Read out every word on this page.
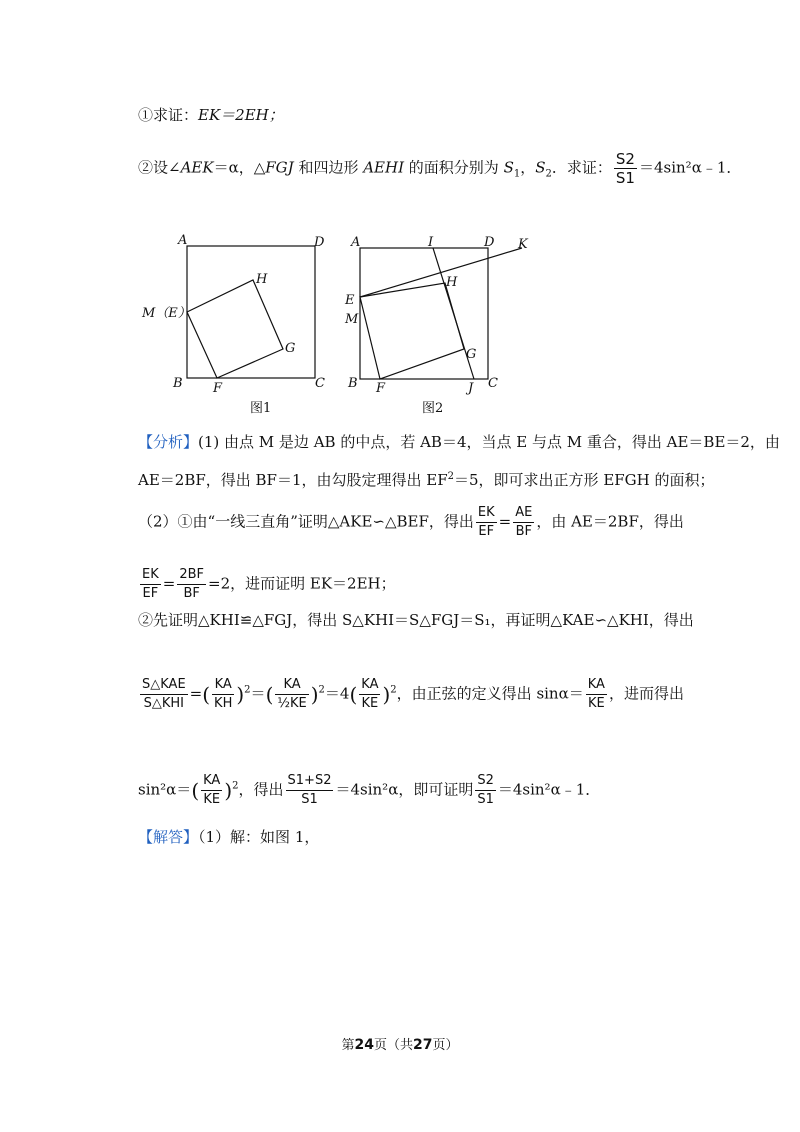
①求证：EK＝2EH；
②设∠AEK＝α，△FGJ 和四边形 AEHI 的面积分别为 $S_1$，$S_2$．求证： $\frac{S2}{S1}$ ＝4sin²α﹣1．
A	D
H
M（E）
G
B F	C
图1
A	I	D K
H
E
M
G
B F	J C
图2
【分析】(1) 由点 M 是边 AB 的中点，若 AB＝4，当点 E 与点 M 重合，得出 AE＝BE＝2，由
AE＝2BF，得出 BF＝1，由勾股定理得出 $EF^2=5$，即可求出正方形 EFGH 的面积；
（2）①由“一线三直角”证明△AKE∽△BEF，得出 $\frac{EK}{EF} = \frac{AE}{BF}$ ，由 AE＝2BF，得出
$\frac{EK}{EF} = \frac{2BF}{BF} =2$，进而证明 EK＝2EH；
②先证明△KHI≌△FGJ，得出 S△KHI＝S△FGJ＝S₁，再证明△KAE∽△KHI，得出
$\frac{\text{S△KAE}}{\text{S△KHI}}$ =( $\frac{KA}{KH} )^2=( \frac{KA}{\text{½KE}} )^2=4( \frac{KA}{KE} )^2$，由正弦的定义得出 $\sin\alpha= \frac{KA}{KE}$ ，进而得出
$\sin^2\alpha=( \frac{KA}{KE} )^2$，得出 $\frac{S1+S2}{S1} =4\sin^2\alpha$，即可证明 $\frac{S2}{S1}$ ＝4sin²α﹣1．
【解答】（1）解：如图 1，
第24页（共27页）
